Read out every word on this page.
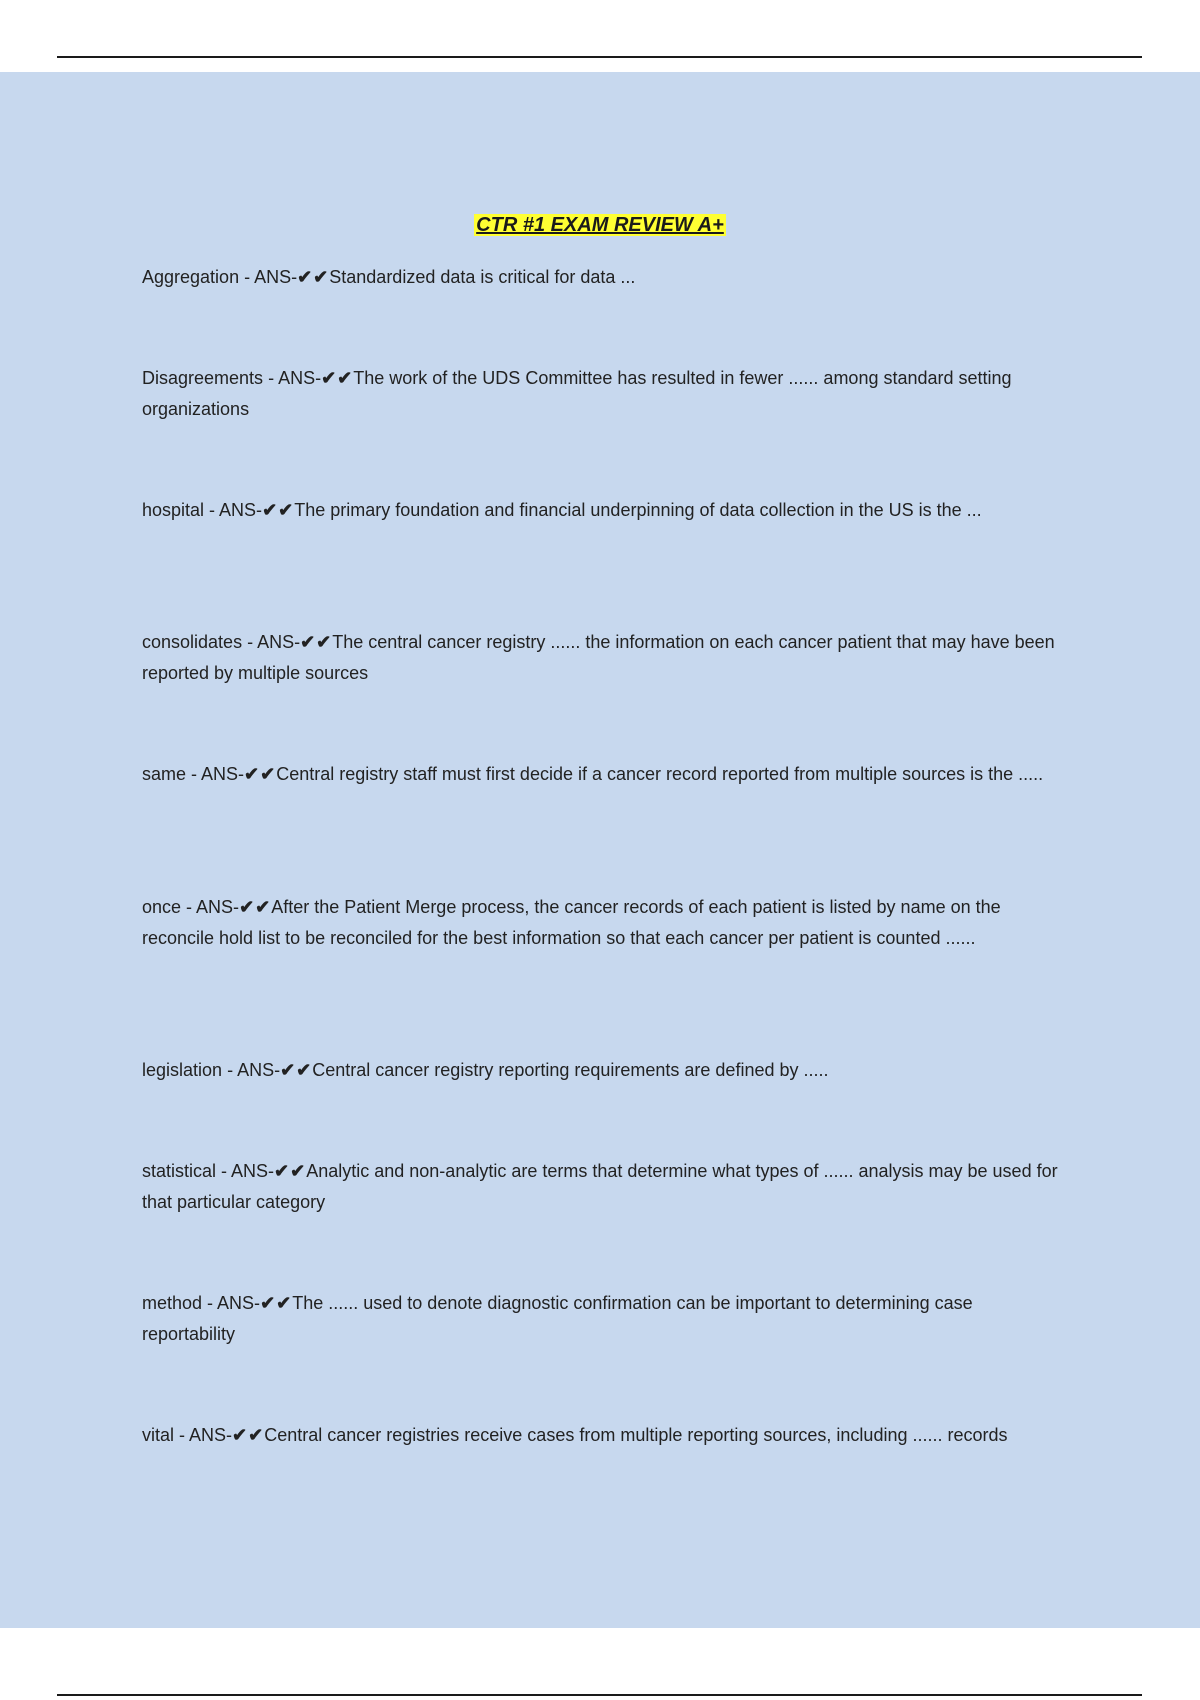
CTR #1 EXAM REVIEW A+
Aggregation - ANS-✔✔Standardized data is critical for data ...
Disagreements - ANS-✔✔The work of the UDS Committee has resulted in fewer ...... among standard setting organizations
hospital - ANS-✔✔The primary foundation and financial underpinning of data collection in the US is the ...
consolidates - ANS-✔✔The central cancer registry ...... the information on each cancer patient that may have been reported by multiple sources
same - ANS-✔✔Central registry staff must first decide if a cancer record reported from multiple sources is the .....
once - ANS-✔✔After the Patient Merge process, the cancer records of each patient is listed by name on the reconcile hold list to be reconciled for the best information so that each cancer per patient is counted ......
legislation - ANS-✔✔Central cancer registry reporting requirements are defined by .....
statistical - ANS-✔✔Analytic and non-analytic are terms that determine what types of ...... analysis may be used for that particular category
method - ANS-✔✔The ...... used to denote diagnostic confirmation can be important to determining case reportability
vital - ANS-✔✔Central cancer registries receive cases from multiple reporting sources, including ...... records
